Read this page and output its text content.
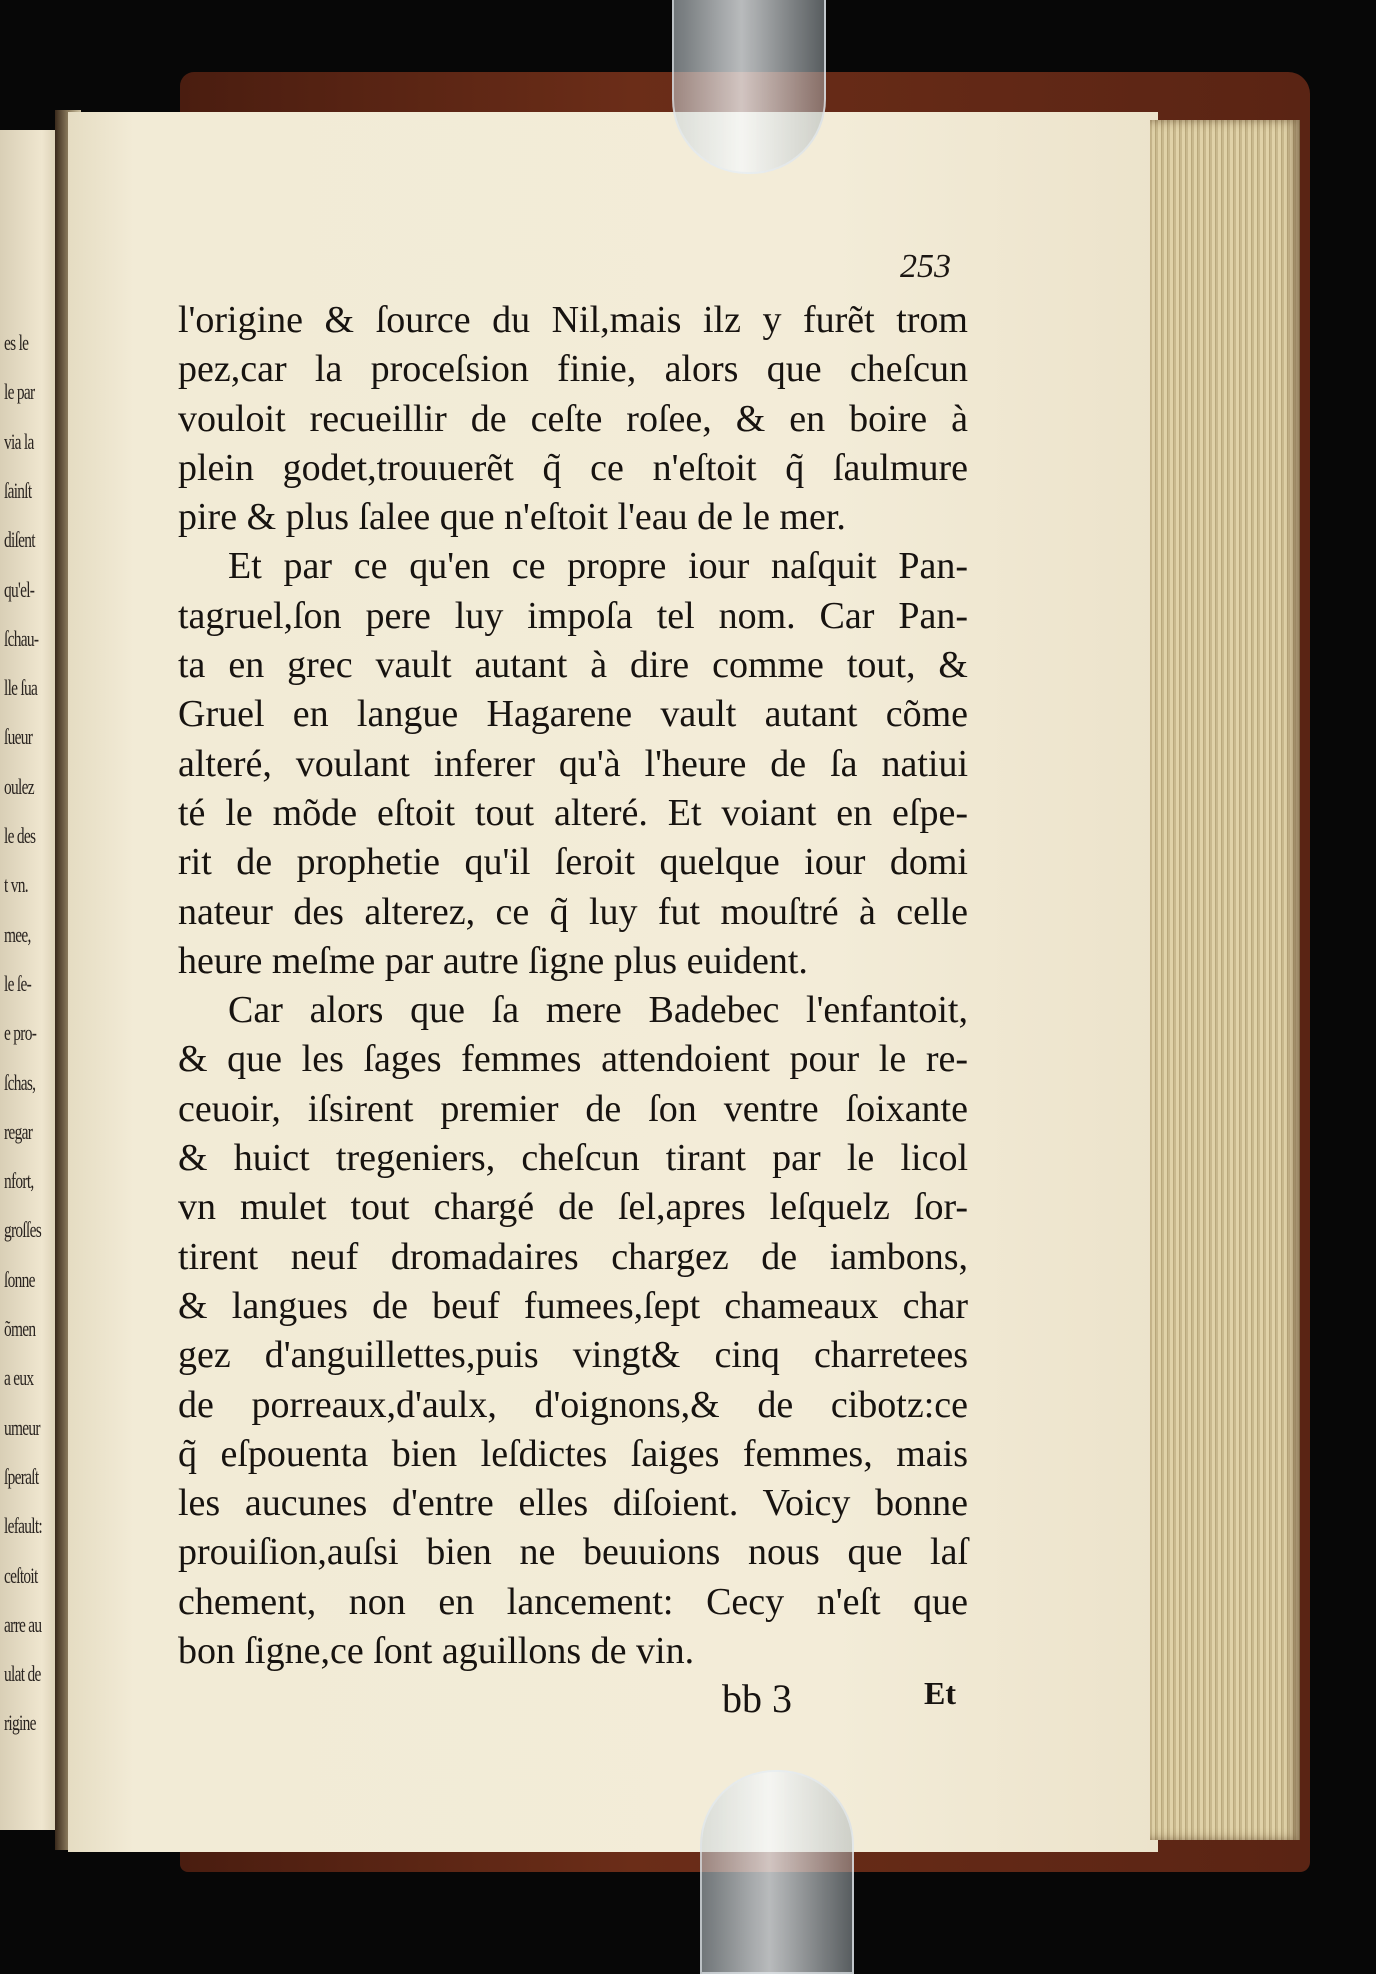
es le
le par
via la
ſainſt
diſent
qu'el-
ſchau-
lle ſua
ſueur
oulez
le des
t vn.
mee,
le ſe-
e pro-
ſchas,
regar
nfort,
groſſes
ſonne
õmen
a eux
umeur
ſperaſt
lefault:
ceſtoit
arre au
ulat de
rigine
253
l'origine & ſource du Nil,mais ilz y furẽt trom
pez,car la proceſsion finie, alors que cheſcun
vouloit recueillir de ceſte roſee, & en boire à
plein godet,trouuerẽt q̃ ce n'eſtoit q̃ ſaulmure
pire & plus ſalee que n'eſtoit l'eau de le mer.
Et par ce qu'en ce propre iour naſquit Pan-
tagruel,ſon pere luy impoſa tel nom. Car Pan-
ta en grec vault autant à dire comme tout, &
Gruel en langue Hagarene vault autant cõme
alteré, voulant inferer qu'à l'heure de ſa natiui
té le mõde eſtoit tout alteré. Et voiant en eſpe-
rit de prophetie qu'il ſeroit quelque iour domi
nateur des alterez, ce q̃ luy fut mouſtré à celle
heure meſme par autre ſigne plus euident.
Car alors que ſa mere Badebec l'enfantoit,
& que les ſages femmes attendoient pour le re-
ceuoir, iſsirent premier de ſon ventre ſoixante
& huict tregeniers, cheſcun tirant par le licol
vn mulet tout chargé de ſel,apres leſquelz ſor-
tirent neuf dromadaires chargez de iambons,
& langues de beuf fumees,ſept chameaux char
gez d'anguillettes,puis vingt& cinq charretees
de porreaux,d'aulx, d'oignons,& de cibotz:ce
q̃ eſpouenta bien leſdictes ſaiges femmes, mais
les aucunes d'entre elles diſoient. Voicy bonne
prouiſion,auſsi bien ne beuuions nous que laſ
chement, non en lancement: Cecy n'eſt que
bon ſigne,ce ſont aguillons de vin.
bb 3	Et
